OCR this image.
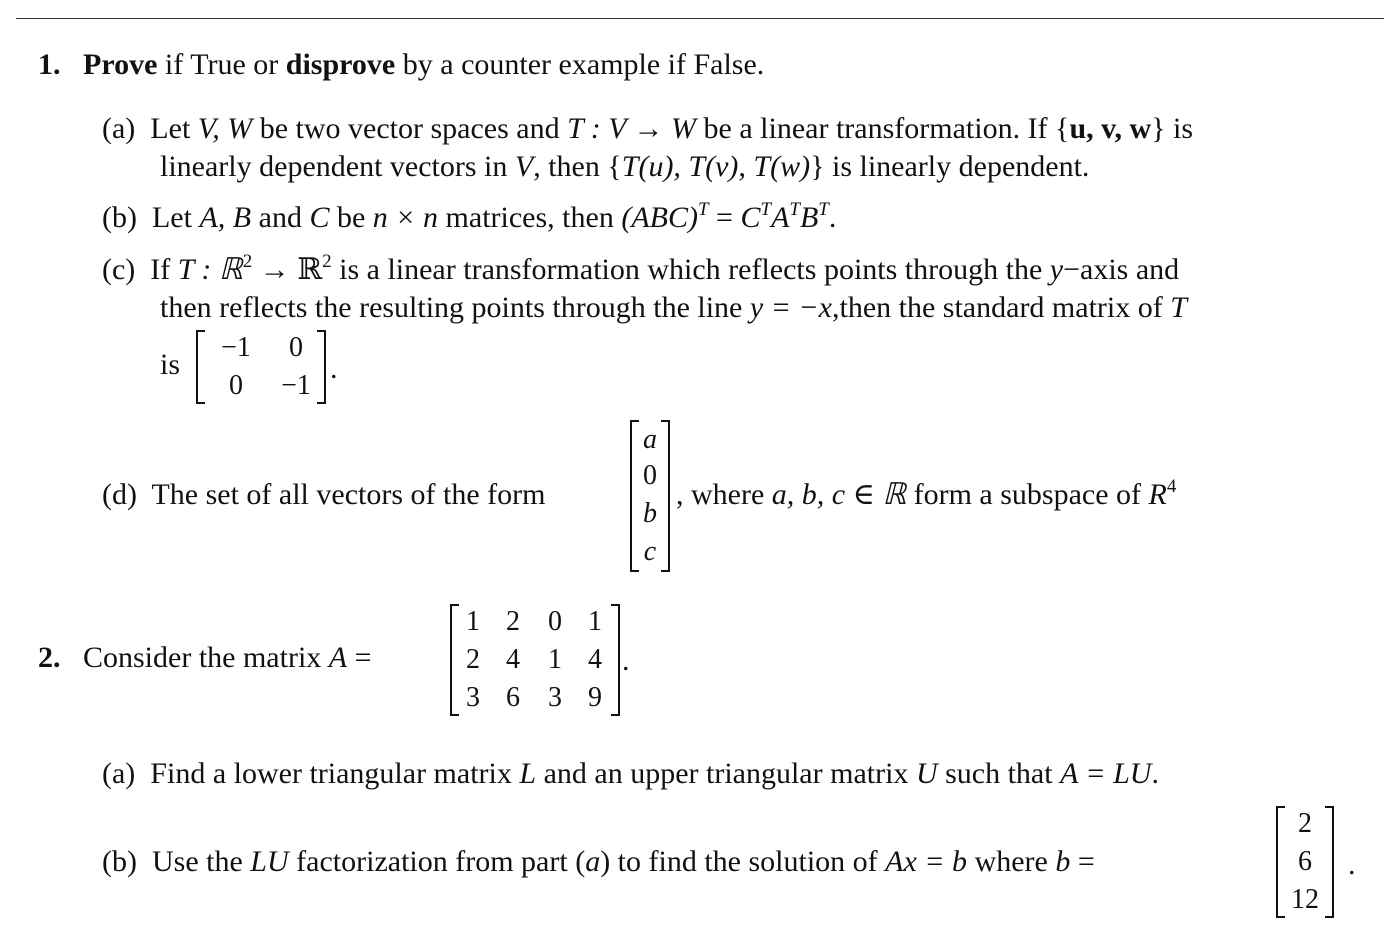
1. Prove if True or disprove by a counter example if False.
(a) Let V, W be two vector spaces and T : V → W be a linear transformation. If {u, v, w} is
linearly dependent vectors in V, then {T(u), T(v), T(w)} is linearly dependent.
(b) Let A, B and C be n × n matrices, then $(ABC)^T = C^TA^TB^T$.
(c) If T : ℝ$^2$ → ℝ$^2$ is a linear transformation which reflects points through the y−axis and
then reflects the resulting points through the line y = −x,then the standard matrix of T
is
−1	0
0	−1
.
(d) The set of all vectors of the form
a
0
b
c
, where a, b, c ∈ ℝ form a subspace of $R^4$
2. Consider the matrix A =
1 2	0 1
2 4	1 4
3 6	3 9
.
(a) Find a lower triangular matrix L and an upper triangular matrix U such that A = LU.
(b) Use the LU factorization from part (a) to find the solution of Ax = b where b =
2
6
12
.
